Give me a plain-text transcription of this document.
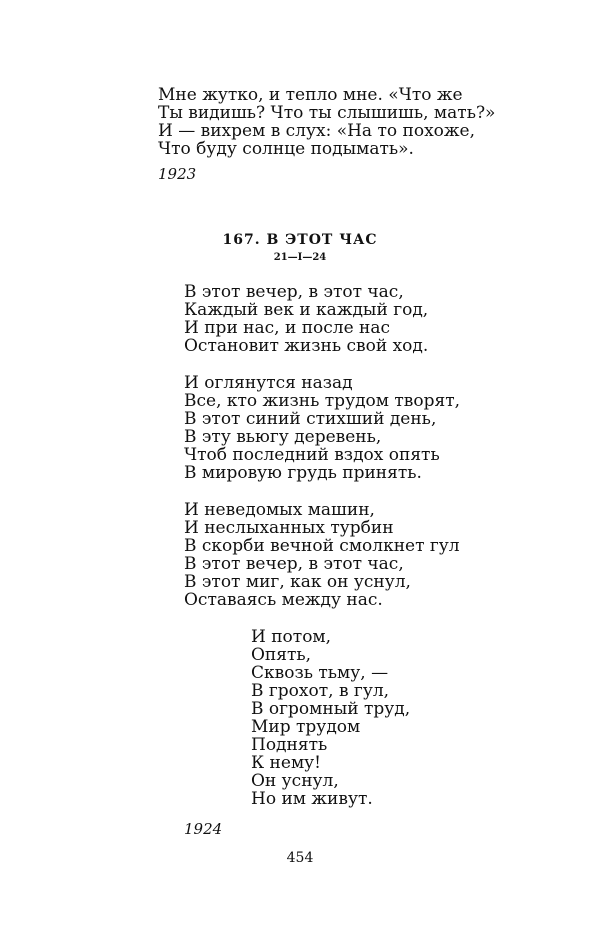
Мне жутко, и тепло мне. «Что же
Ты видишь? Что ты слышишь, мать?»
И — вихрем в слух: «На то похоже,
Что буду солнце подымать».
1923
167. В ЭТОТ ЧАС
21—I—24
В этот вечер, в этот час,
Каждый век и каждый год,
И при нас, и после нас
Остановит жизнь свой ход.
И оглянутся назад
Все, кто жизнь трудом творят,
В этот синий стихший день,
В эту вьюгу деревень,
Чтоб последний вздох опять
В мировую грудь принять.
И неведомых машин,
И неслыханных турбин
В скорби вечной смолкнет гул
В этот вечер, в этот час,
В этот миг, как он уснул,
Оставаясь между нас.
И потом,
Опять,
Сквозь тьму, —
В грохот, в гул,
В огромный труд,
Мир трудом
Поднять
К нему!
Он уснул,
Но им живут.
1924
454
